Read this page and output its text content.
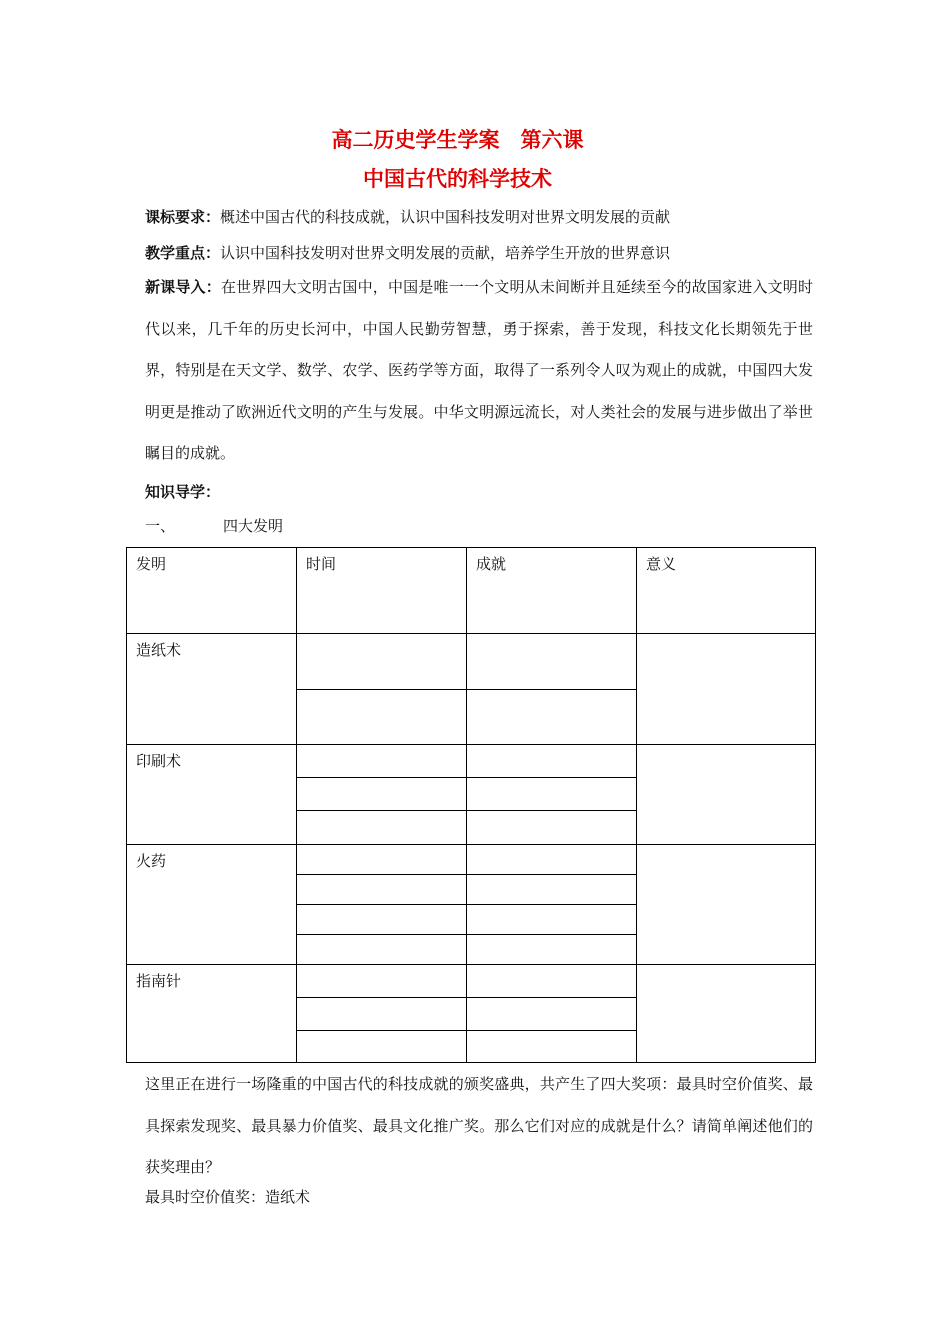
高二历史学生学案　第六课
中国古代的科学技术
课标要求：概述中国古代的科技成就，认识中国科技发明对世界文明发展的贡献
教学重点：认识中国科技发明对世界文明发展的贡献，培养学生开放的世界意识
新课导入：在世界四大文明古国中，中国是唯一一个文明从未间断并且延续至今的故国家进入文明时代以来，几千年的历史长河中，中国人民勤劳智慧，勇于探索，善于发现，科技文化长期领先于世界，特别是在天文学、数学、农学、医药学等方面，取得了一系列令人叹为观止的成就，中国四大发明更是推动了欧洲近代文明的产生与发展。中华文明源远流长，对人类社会的发展与进步做出了举世瞩目的成就。
知识导学：
一、	四大发明
发明	时间	成就	意义
造纸术			

印刷术			

火药			

指南针			

这里正在进行一场隆重的中国古代的科技成就的颁奖盛典，共产生了四大奖项：最具时空价值奖、最具探索发现奖、最具暴力价值奖、最具文化推广奖。那么它们对应的成就是什么？请简单阐述他们的获奖理由？
最具时空价值奖：造纸术
